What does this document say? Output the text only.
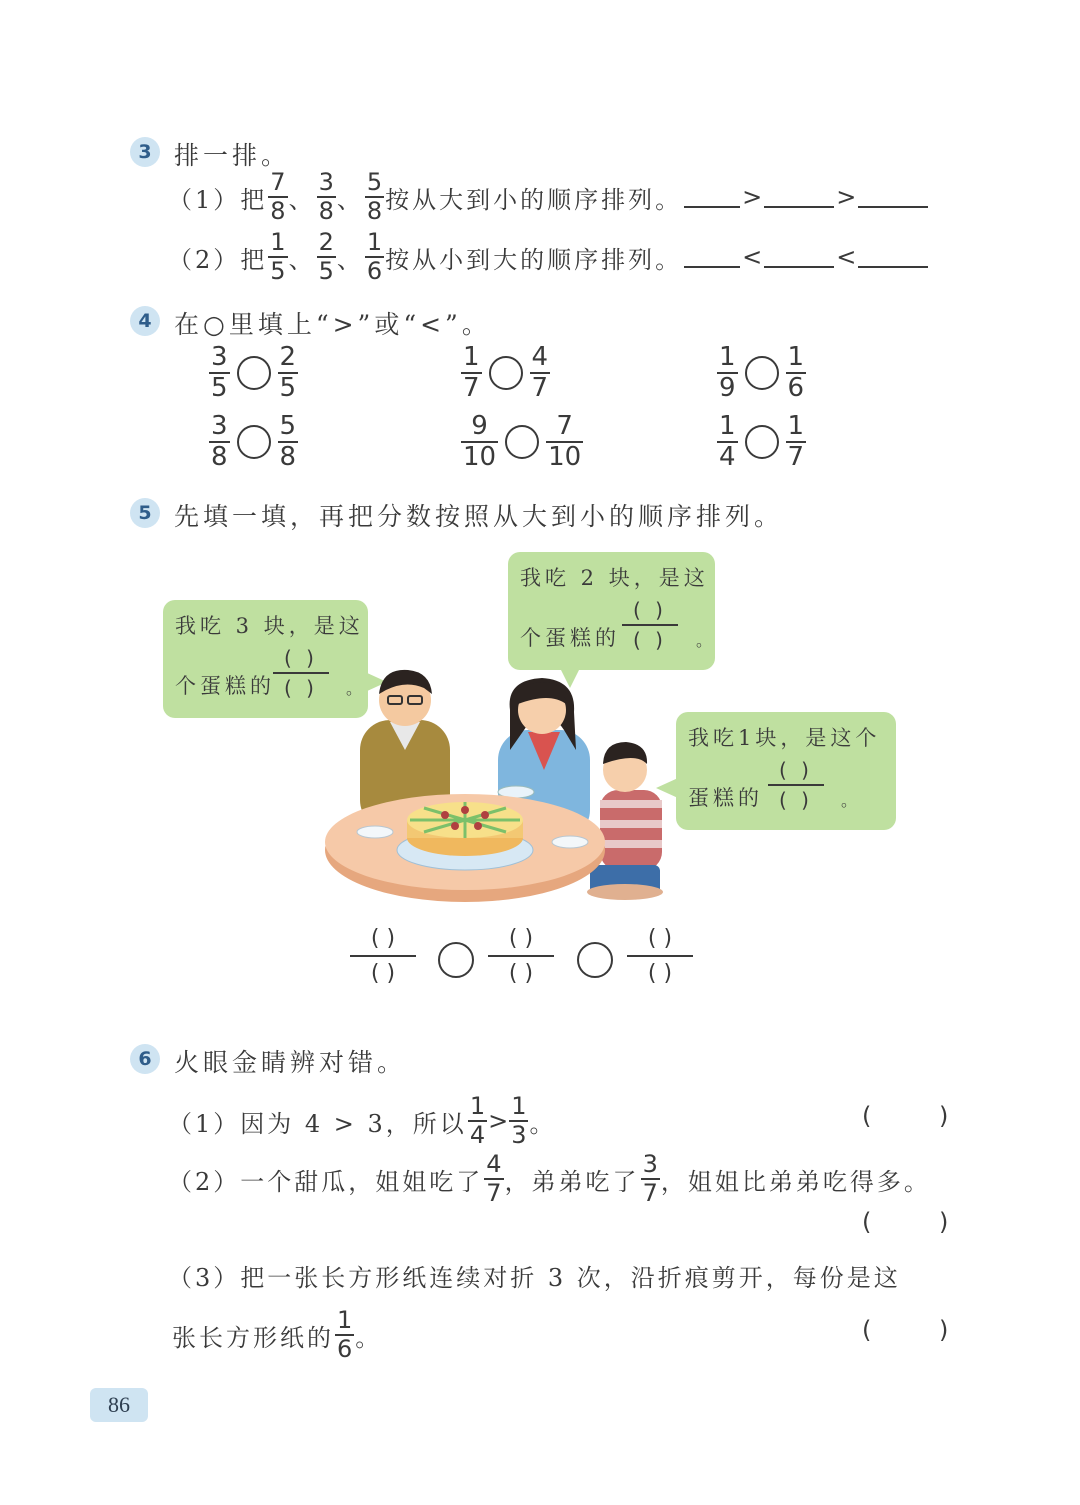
3 排一排。
（1）把 $\frac{7}{8}$ 、 $\frac{3}{8}$ 、 $\frac{5}{8}$ 按从大到小的顺序排列。	>	>
（2）把 $\frac{1}{5}$ 、 $\frac{2}{5}$ 、 $\frac{1}{6}$ 按从小到大的顺序排列。	<	<
4 在○里填上“>”或“<”。
$\frac{3}{5} \frac{2}{5}$	$\frac{1}{7} \frac{4}{7}$	$\frac{1}{9} \frac{1}{6}$
$\frac{3}{8} \frac{5}{8}$	$\frac{9}{10} \frac{7}{10}$	$\frac{1}{4} \frac{1}{7}$
5 先填一填，再把分数按照从大到小的顺序排列。
我吃 3 块，是这
个蛋糕的
( )
( ) 。
我吃 2 块，是这
个蛋糕的
( )
( ) 。
我吃1块，是这个
蛋糕的
( )
( ) 。
( )
( )
( )
( )
( )
( )
6 火眼金睛辨对错。
（1）因为 4 > 3，所以 $\frac{1}{4} > \frac{1}{3}$ 。	( )
（2）一个甜瓜，姐姐吃了 $\frac{4}{7}$ ，弟弟吃了 $\frac{3}{7}$ ，姐姐比弟弟吃得多。
( )
（3）把一张长方形纸连续对折 3 次，沿折痕剪开，每份是这
张长方形纸的 $\frac{1}{6}$ 。	( )
86
